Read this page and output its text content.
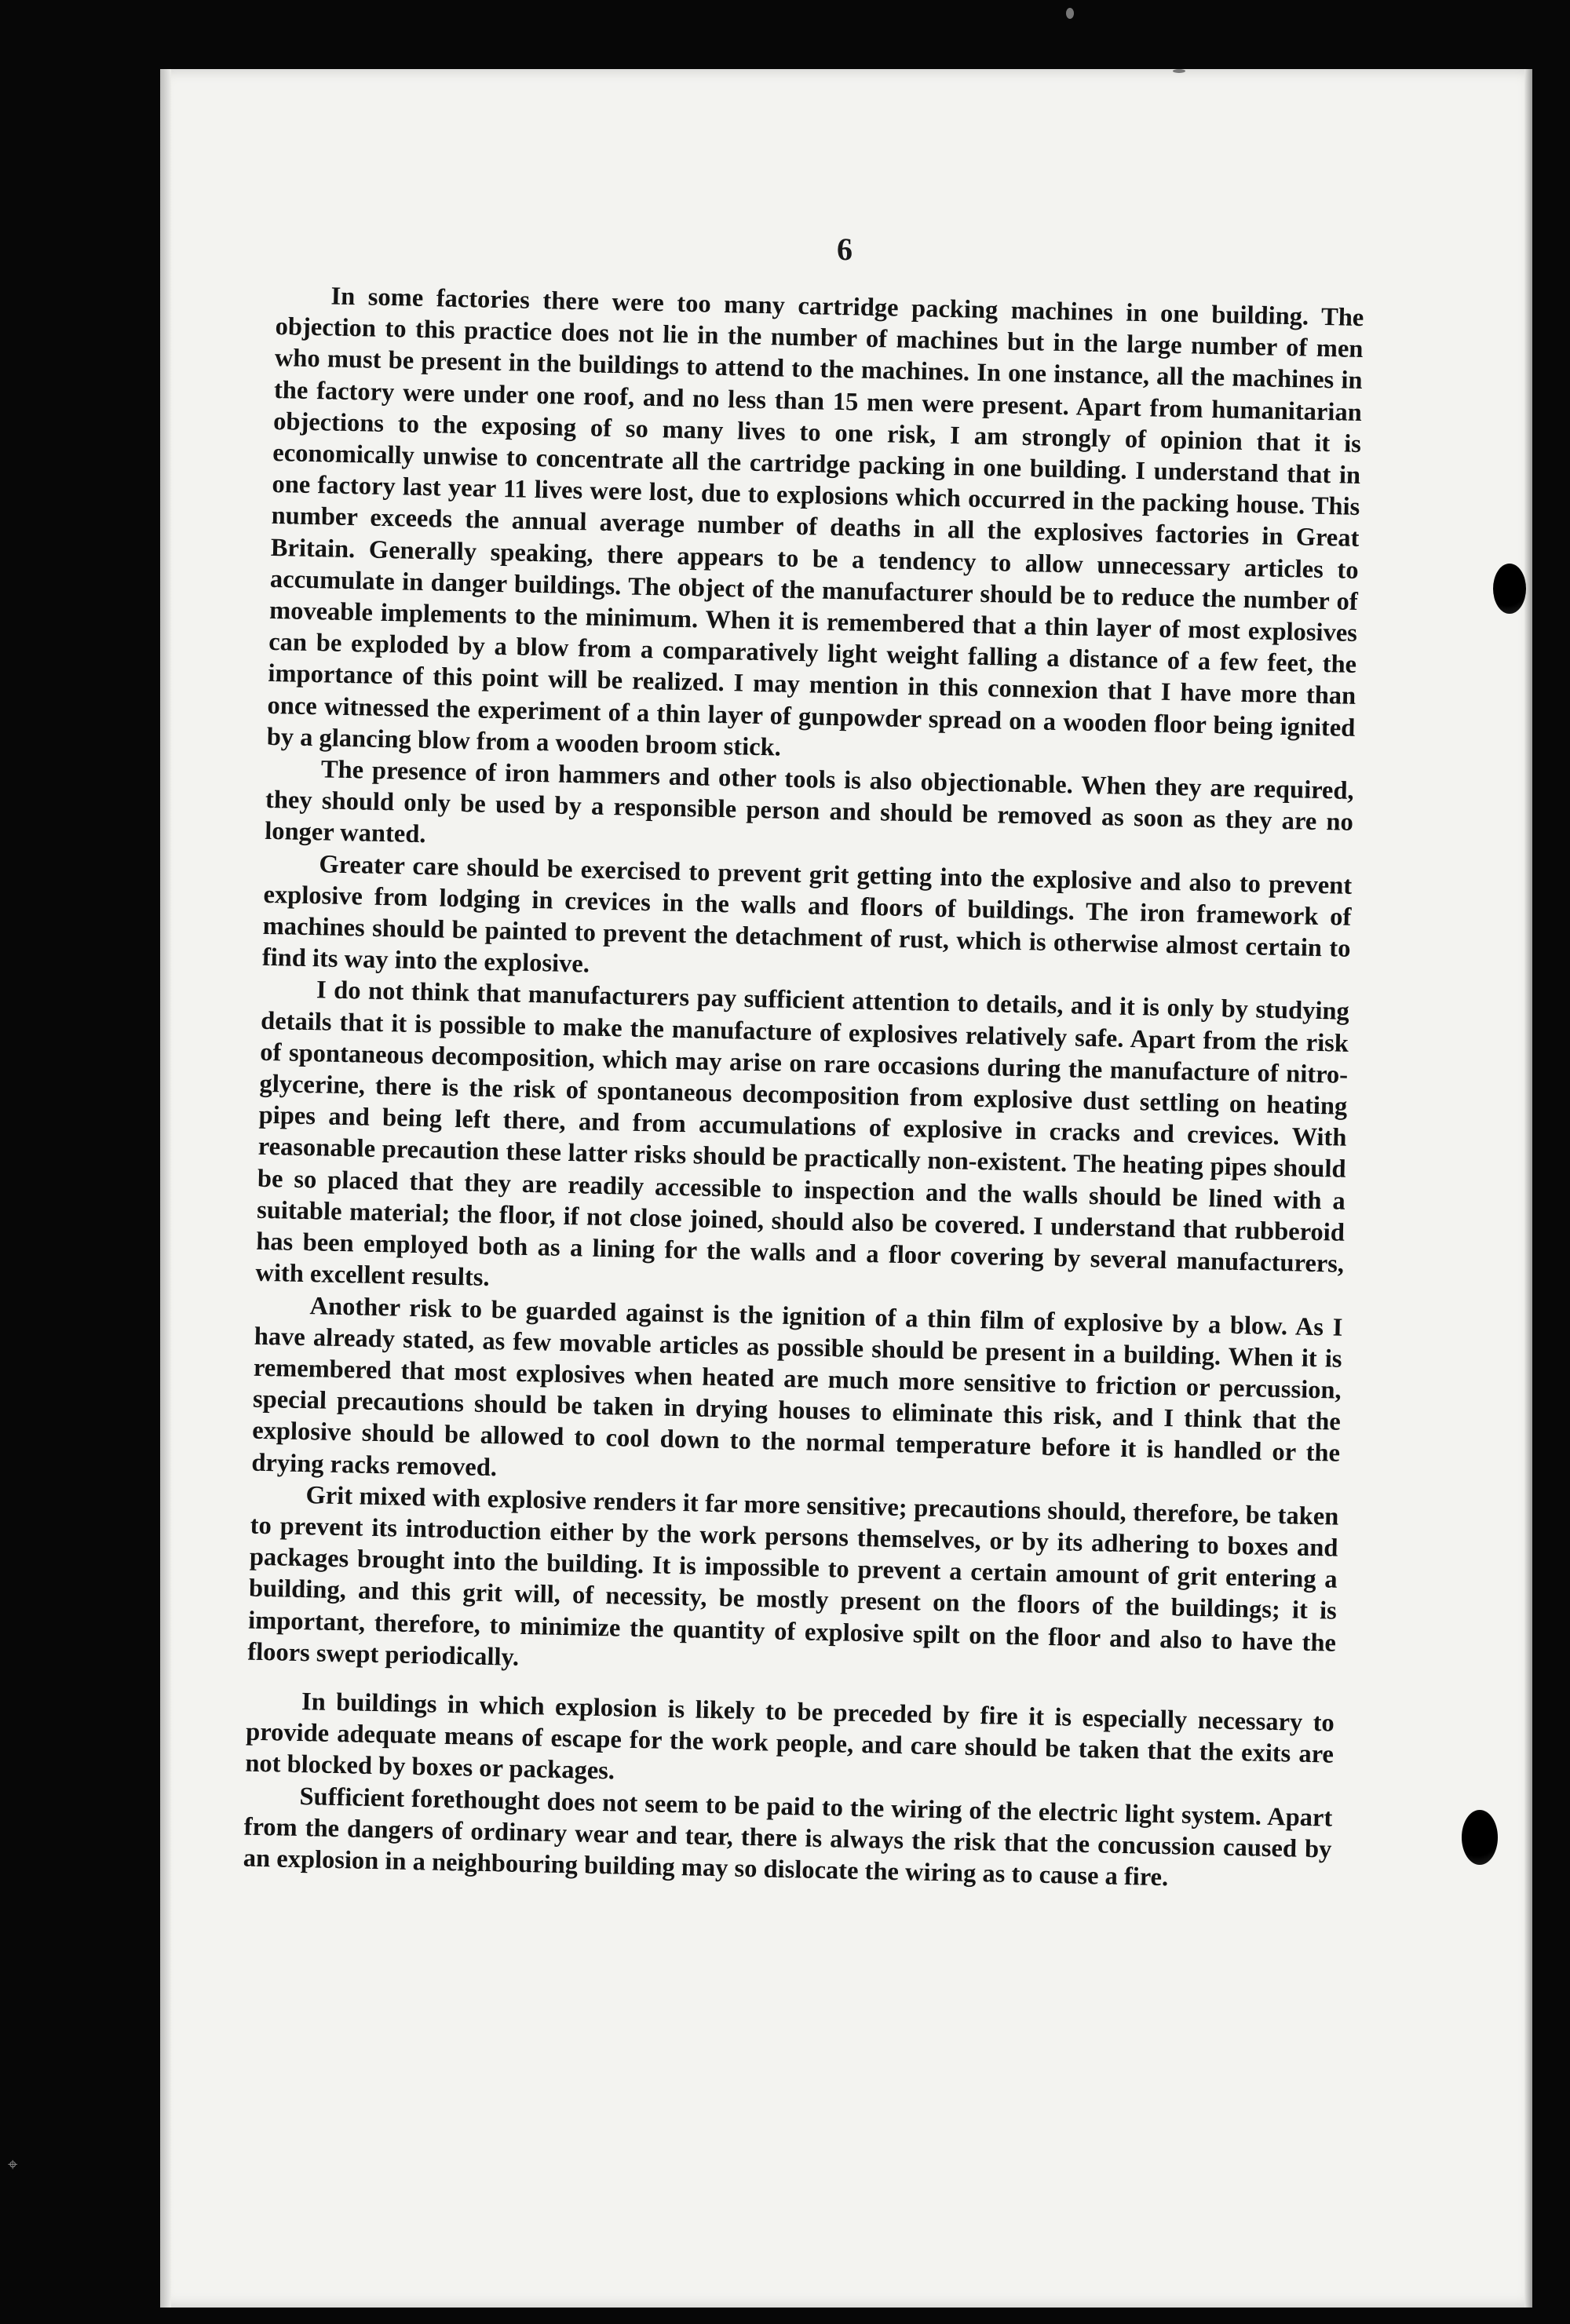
6

In some factories there were too many cartridge packing machines in one building. The objection to this practice does not lie in the number of machines but in the large number of men who must be present in the buildings to attend to the machines. In one instance, all the machines in the factory were under one roof, and no less than 15 men were present. Apart from humanitarian objections to the exposing of so many lives to one risk, I am strongly of opinion that it is economically unwise to concentrate all the cartridge packing in one building. I understand that in one factory last year 11 lives were lost, due to explosions which occurred in the packing house. This number exceeds the annual average number of deaths in all the explosives factories in Great Britain. Generally speaking, there appears to be a tendency to allow unnecessary articles to accumulate in danger buildings. The object of the manufacturer should be to reduce the number of moveable implements to the minimum. When it is remembered that a thin layer of most explosives can be exploded by a blow from a comparatively light weight falling a distance of a few feet, the importance of this point will be realized. I may mention in this connexion that I have more than once witnessed the experiment of a thin layer of gunpowder spread on a wooden floor being ignited by a glancing blow from a wooden broom stick.

The presence of iron hammers and other tools is also objectionable. When they are required, they should only be used by a responsible person and should be removed as soon as they are no longer wanted.

Greater care should be exercised to prevent grit getting into the explosive and also to prevent explosive from lodging in crevices in the walls and floors of buildings. The iron framework of machines should be painted to prevent the detachment of rust, which is otherwise almost certain to find its way into the explosive.

I do not think that manufacturers pay sufficient attention to details, and it is only by studying details that it is possible to make the manufacture of explosives relatively safe. Apart from the risk of spontaneous decomposition, which may arise on rare occasions during the manufacture of nitro-glycerine, there is the risk of spontaneous decomposition from explosive dust settling on heating pipes and being left there, and from accumulations of explosive in cracks and crevices. With reasonable precaution these latter risks should be practically non-existent. The heating pipes should be so placed that they are readily accessible to inspection and the walls should be lined with a suitable material; the floor, if not close joined, should also be covered. I understand that rubberoid has been employed both as a lining for the walls and a floor covering by several manufacturers, with excellent results.

Another risk to be guarded against is the ignition of a thin film of explosive by a blow. As I have already stated, as few movable articles as possible should be present in a building. When it is remembered that most explosives when heated are much more sensitive to friction or percussion, special precautions should be taken in drying houses to eliminate this risk, and I think that the explosive should be allowed to cool down to the normal temperature before it is handled or the drying racks removed.

Grit mixed with explosive renders it far more sensitive; precautions should, therefore, be taken to prevent its introduction either by the work persons themselves, or by its adhering to boxes and packages brought into the building. It is impossible to prevent a certain amount of grit entering a building, and this grit will, of necessity, be mostly present on the floors of the buildings; it is important, therefore, to minimize the quantity of explosive spilt on the floor and also to have the floors swept periodically.

In buildings in which explosion is likely to be preceded by fire it is especially necessary to provide adequate means of escape for the work people, and care should be taken that the exits are not blocked by boxes or packages.

Sufficient forethought does not seem to be paid to the wiring of the electric light system. Apart from the dangers of ordinary wear and tear, there is always the risk that the concussion caused by an explosion in a neighbouring building may so dislocate the wiring as to cause a fire.

⌖
